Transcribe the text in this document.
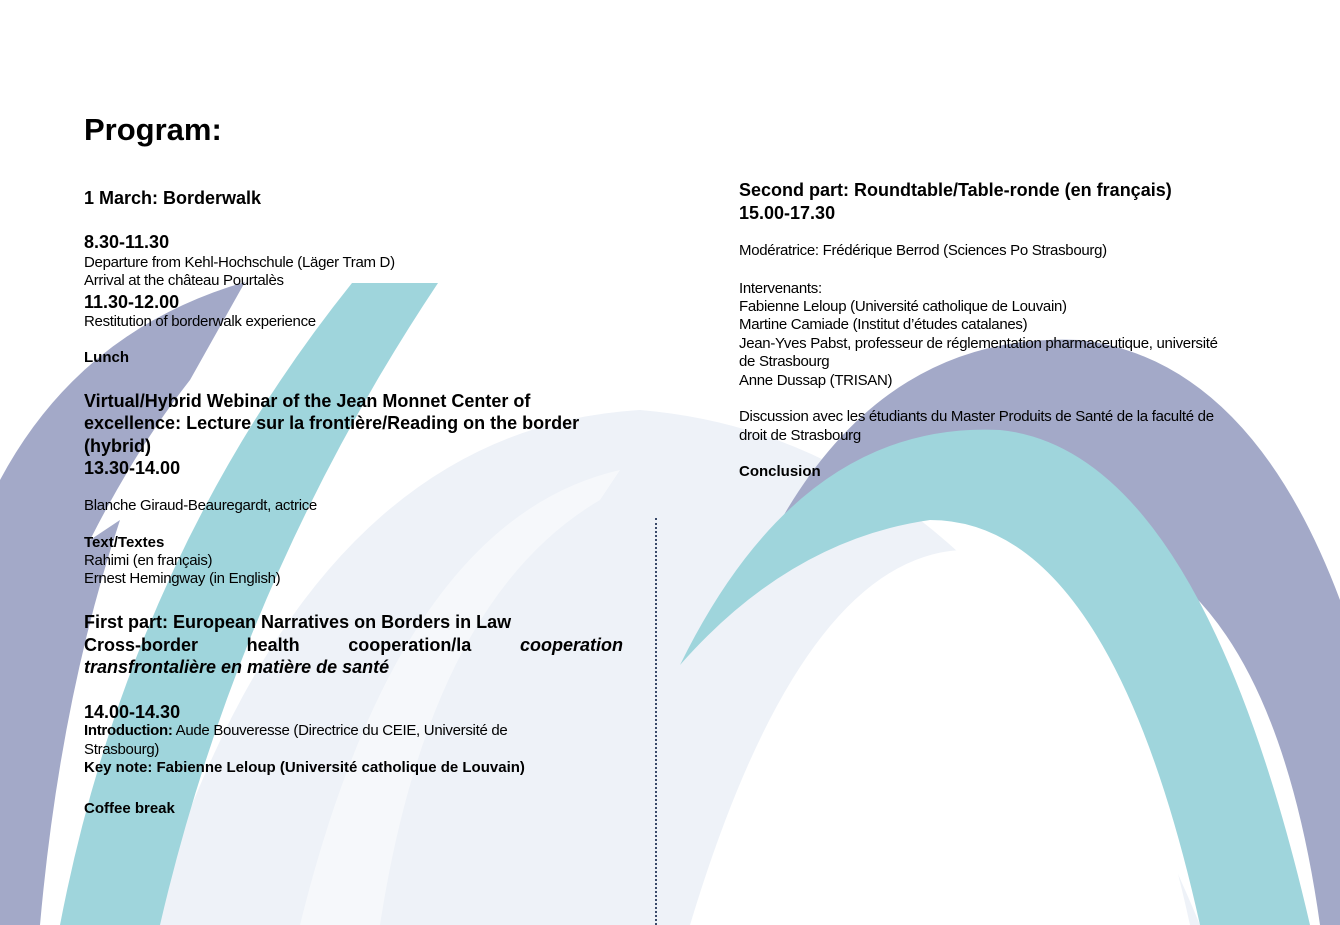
Program:

1 March: Borderwalk

8.30-11.30

Departure from Kehl-Hochschule (Läger Tram D)

Arrival at the château Pourtalès

11.30-12.00

Restitution of borderwalk experience

Lunch

Virtual/Hybrid Webinar of the Jean Monnet Center of

excellence: Lecture sur la frontière/Reading on the border

(hybrid)

13.30-14.00

Blanche Giraud-Beauregardt, actrice

Text/Textes

Rahimi (en français)

Ernest Hemingway (in English)

First part: European Narratives on Borders in Law

Cross-border health cooperation/la	cooperation

transfrontalière en matière de santé

14.00-14.30

Introduction: Aude Bouveresse (Directrice du CEIE, Université de

Strasbourg)

Key note: Fabienne Leloup (Université catholique de Louvain)

Coffee break

Second part: Roundtable/Table-ronde (en français)

15.00-17.30

Modératrice: Frédérique Berrod (Sciences Po Strasbourg)

Intervenants:

Fabienne Leloup (Université catholique de Louvain)

Martine Camiade (Institut d’études catalanes)

Jean-Yves Pabst, professeur de réglementation pharmaceutique, université

de Strasbourg

Anne Dussap (TRISAN)

Discussion avec les étudiants du Master Produits de Santé de la faculté de

droit de Strasbourg

Conclusion
